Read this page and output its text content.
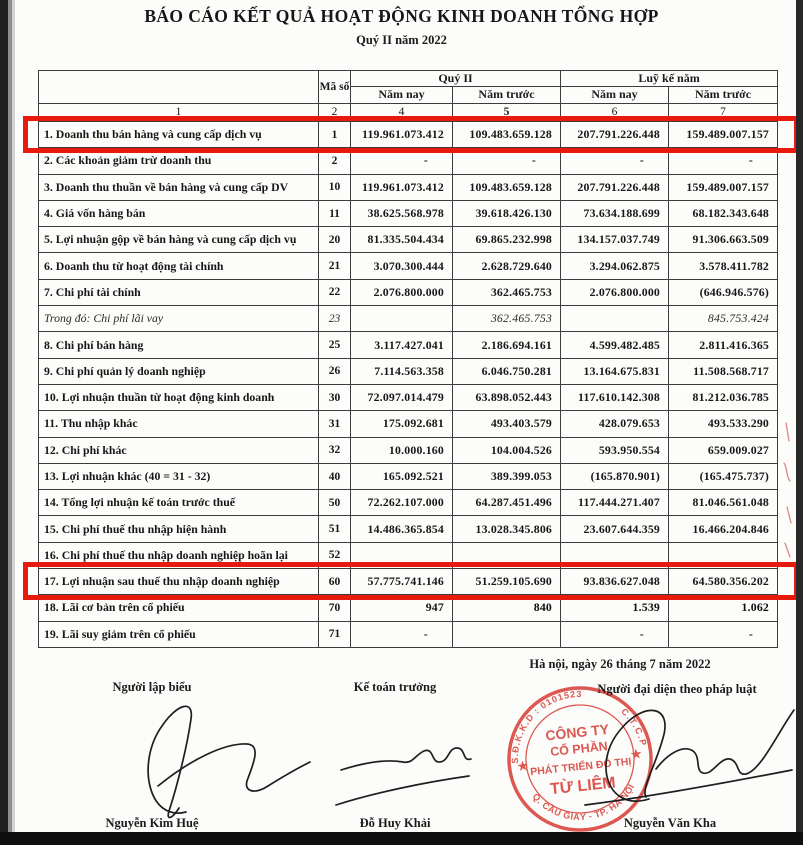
BÁO CÁO KẾT QUẢ HOẠT ĐỘNG KINH DOANH TỔNG HỢP
Quý II năm 2022
	Mã số	Quý II		Luỹ kế năm	
		Năm nay	Năm trước	Năm nay	Năm trước
1	2	4	5	6	7
1. Doanh thu bán hàng và cung cấp dịch vụ	1	119.961.073.412	109.483.659.128	207.791.226.448	159.489.007.157
2. Các khoản giảm trừ doanh thu	2	-	-	-	-
3. Doanh thu thuần về bán hàng và cung cấp DV	10	119.961.073.412	109.483.659.128	207.791.226.448	159.489.007.157
4. Giá vốn hàng bán	11	38.625.568.978	39.618.426.130	73.634.188.699	68.182.343.648
5. Lợi nhuận gộp về bán hàng và cung cấp dịch vụ	20	81.335.504.434	69.865.232.998	134.157.037.749	91.306.663.509
6. Doanh thu từ hoạt động tài chính	21	3.070.300.444	2.628.729.640	3.294.062.875	3.578.411.782
7. Chi phí tài chính	22	2.076.800.000	362.465.753	2.076.800.000	(646.946.576)
Trong đó: Chi phí lãi vay	23		362.465.753		845.753.424
8. Chi phí bán hàng	25	3.117.427.041	2.186.694.161	4.599.482.485	2.811.416.365
9. Chi phí quản lý doanh nghiệp	26	7.114.563.358	6.046.750.281	13.164.675.831	11.508.568.717
10. Lợi nhuận thuần từ hoạt động kinh doanh	30	72.097.014.479	63.898.052.443	117.610.142.308	81.212.036.785
11. Thu nhập khác	31	175.092.681	493.403.579	428.079.653	493.533.290
12. Chi phí khác	32	10.000.160	104.004.526	593.950.554	659.009.027
13. Lợi nhuận khác (40 = 31 - 32)	40	165.092.521	389.399.053	(165.870.901)	(165.475.737)
14. Tổng lợi nhuận kế toán trước thuế	50	72.262.107.000	64.287.451.496	117.444.271.407	81.046.561.048
15. Chi phí thuế thu nhập hiện hành	51	14.486.365.854	13.028.345.806	23.607.644.359	16.466.204.846
16. Chi phí thuế thu nhập doanh nghiệp hoãn lại	52				
17. Lợi nhuận sau thuế thu nhập doanh nghiệp	60	57.775.741.146	51.259.105.690	93.836.627.048	64.580.356.202
18. Lãi cơ bản trên cổ phiếu	70	947	840	1.539	1.062
19. Lãi suy giảm trên cổ phiếu	71	-		-	-
Hà nội, ngày 26 tháng 7 năm 2022
Người lập biểu	Kế toán trưởng	Người đại diện theo pháp luật
Nguyễn Kim Huệ	Đỗ Huy Khải	Nguyễn Văn Kha
S.Đ.K.K.D : 0101523
C.T.C.P
Q. CẦU GIẤY - TP. HÀ NỘI
★
★
CÔNG TY
CỔ PHẦN
PHÁT TRIỂN ĐÔ THỊ
TỪ LIÊM
